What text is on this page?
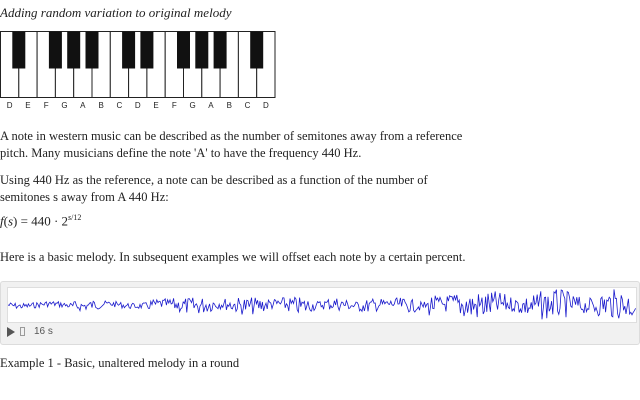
Adding random variation to original melody
D E F G A B C D E F G A B C D
A note in western music can be described as the number of semitones away from a reference
pitch. Many musicians define the note 'A' to have the frequency 440 Hz.
Using 440 Hz as the reference, a note can be described as a function of the number of
semitones s away from A 440 Hz:
$f(s) = 440 \cdot 2^{s/12}$
Here is a basic melody. In subsequent examples we will offset each note by a certain percent.
16 s
Example 1 - Basic, unaltered melody in a round
